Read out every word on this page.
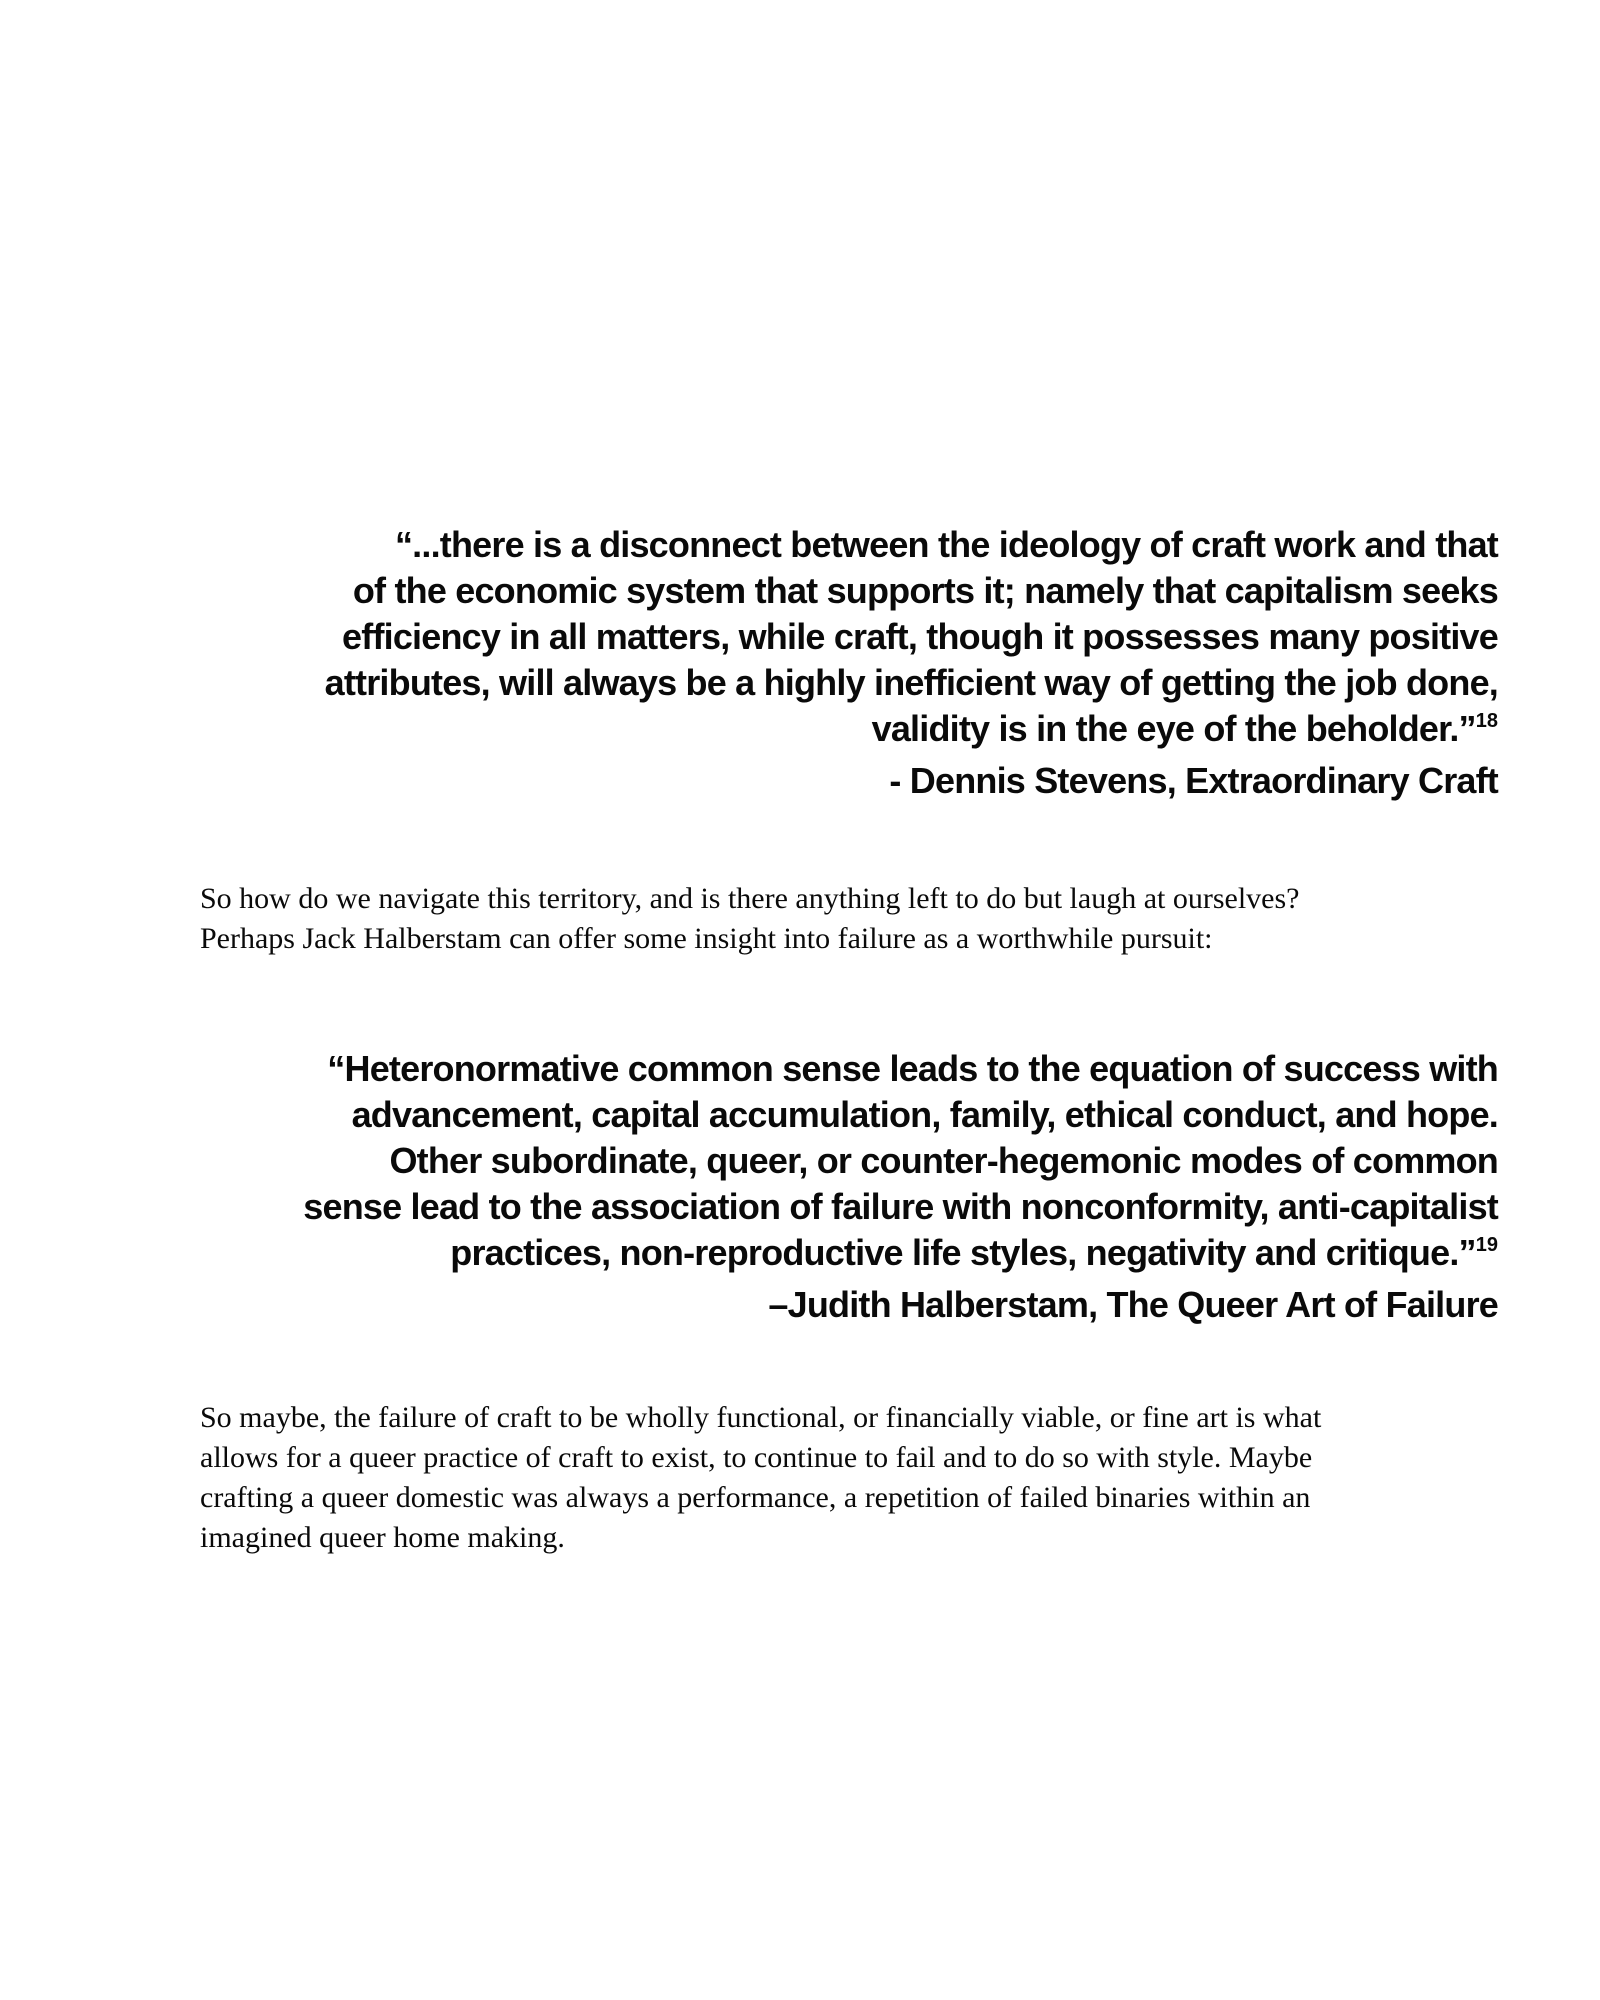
“...there is a disconnect between the ideology of craft work and that
of the economic system that supports it; namely that capitalism seeks
efficiency in all matters, while craft, though it possesses many positive
attributes, will always be a highly inefficient way of getting the job done,
validity is in the eye of the beholder.”$^{18}$
- Dennis Stevens, Extraordinary Craft
So how do we navigate this territory, and is there anything left to do but laugh at ourselves?
Perhaps Jack Halberstam can offer some insight into failure as a worthwhile pursuit:
“Heteronormative common sense leads to the equation of success with
advancement, capital accumulation, family, ethical conduct, and hope.
Other subordinate, queer, or counter-hegemonic modes of common
sense lead to the association of failure with nonconformity, anti-capitalist
practices, non-reproductive life styles, negativity and critique.”$^{19}$
–Judith Halberstam, The Queer Art of Failure
So maybe, the failure of craft to be wholly functional, or financially viable, or fine art is what
allows for a queer practice of craft to exist, to continue to fail and to do so with style. Maybe
crafting a queer domestic was always a performance, a repetition of failed binaries within an
imagined queer home making.
